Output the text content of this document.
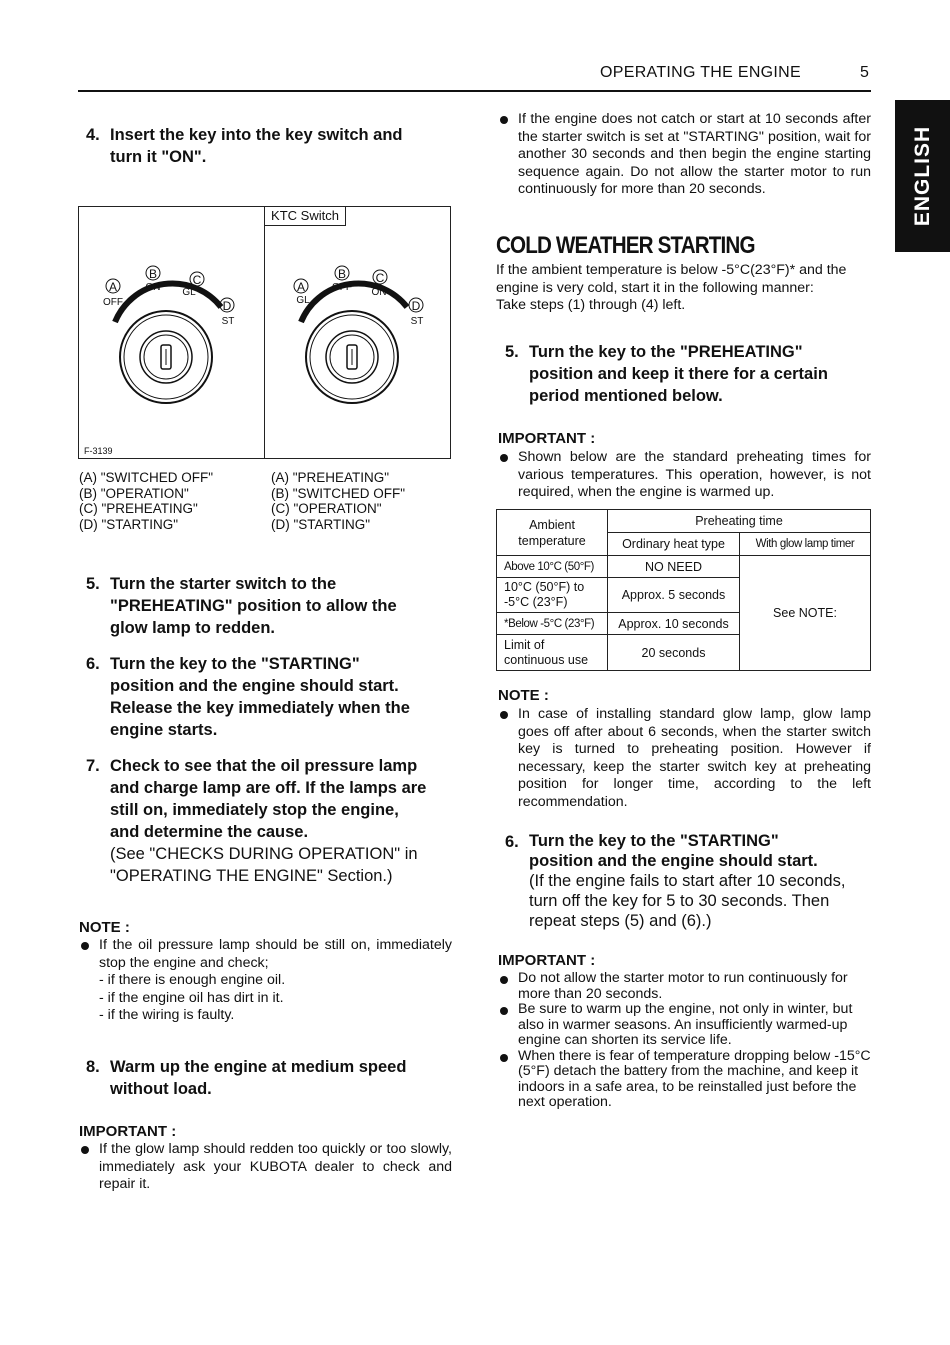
OPERATING THE ENGINE	5
ENGLISH
4. Insert the key into the key switch and
turn it "ON".
KTC Switch
F-3139
A
OFF
B
ON
C
GL
D
ST
A
GL
B
OFF
C
ON
D
ST
(A) "SWITCHED OFF"
(B) "OPERATION"
(C) "PREHEATING"
(D) "STARTING"
(A) "PREHEATING"
(B) "SWITCHED OFF"
(C) "OPERATION"
(D) "STARTING"
5. Turn the starter switch to the
"PREHEATING" position to allow the
glow lamp to redden.
6. Turn the key to the "STARTING"
position and the engine should start.
Release the key immediately when the
engine starts.
7. Check to see that the oil pressure lamp
and charge lamp are off. If the lamps are
still on, immediately stop the engine,
and determine the cause.
(See "CHECKS DURING OPERATION" in
"OPERATING THE ENGINE" Section.)
NOTE :
If the oil pressure lamp should be still on, immediately stop the engine and check;
- if there is enough engine oil.
- if the engine oil has dirt in it.
- if the wiring is faulty.
8. Warm up the engine at medium speed
without load.
IMPORTANT :
If the glow lamp should redden too quickly or too slowly, immediately ask your KUBOTA dealer to check and repair it.
If the engine does not catch or start at 10 seconds after the starter switch is set at "STARTING" position, wait for another 30 seconds and then begin the engine starting sequence again. Do not allow the starter motor to run continuously for more than 20 seconds.
COLD WEATHER STARTING
If the ambient temperature is below -5°C(23°F)* and the
engine is very cold, start it in the following manner:
Take steps (1) through (4) left.
5. Turn the key to the "PREHEATING"
position and keep it there for a certain
period mentioned below.
IMPORTANT :
Shown below are the standard preheating times for various temperatures. This operation, however, is not required, when the engine is warmed up.
Ambient temperature	Preheating time	
	Ordinary heat type	With glow lamp timer
Above 10°C (50°F)	NO NEED	See NOTE:
10°C (50°F) to -5°C (23°F)	Approx. 5 seconds	
*Below -5°C (23°F)	Approx. 10 seconds	
Limit of continuous use	20 seconds	
NOTE :
In case of installing standard glow lamp, glow lamp goes off after about 6 seconds, when the starter switch key is turned to preheating position. However if necessary, keep the starter switch key at preheating position for longer time, according to the left recommendation.
6. Turn the key to the "STARTING"
position and the engine should start.
(If the engine fails to start after 10 seconds,
turn off the key for 5 to 30 seconds. Then
repeat steps (5) and (6).)
IMPORTANT :
Do not allow the starter motor to run continuously for more than 20 seconds.
Be sure to warm up the engine, not only in winter, but also in warmer seasons. An insufficiently warmed-up engine can shorten its service life.
When there is fear of temperature dropping below -15°C (5°F) detach the battery from the machine, and keep it indoors in a safe area, to be reinstalled just before the next operation.
